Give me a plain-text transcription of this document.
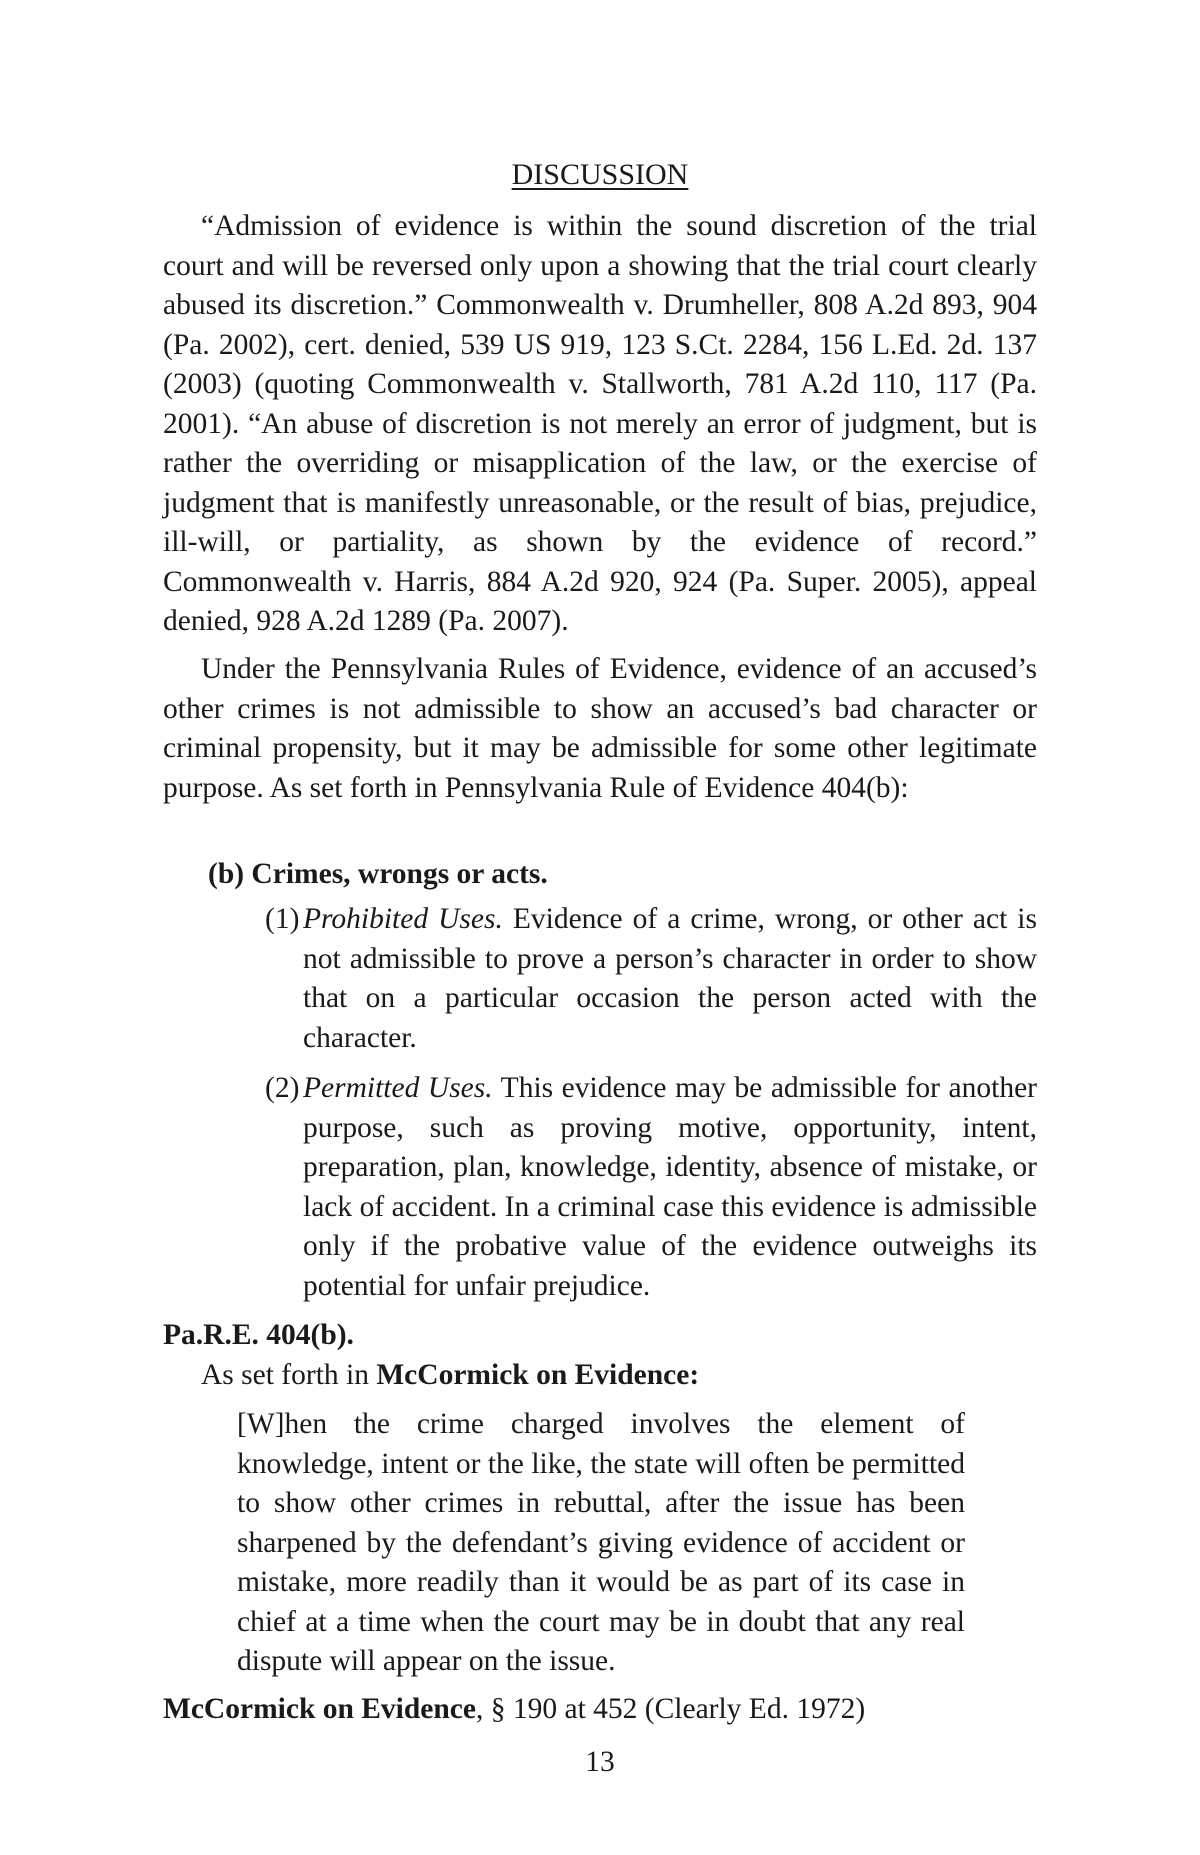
DISCUSSION

“Admission of evidence is within the sound discretion of the trial court and will be reversed only upon a showing that the trial court clearly abused its discretion.” Commonwealth v. Drumheller, 808 A.2d 893, 904 (Pa. 2002), cert. denied, 539 US 919, 123 S.Ct. 2284, 156 L.Ed. 2d. 137 (2003) (quoting Commonwealth v. Stallworth, 781 A.2d 110, 117 (Pa. 2001). “An abuse of discretion is not merely an error of judgment, but is rather the overriding or misapplication of the law, or the exercise of judgment that is manifestly unreasonable, or the result of bias, prejudice, ill-will, or partiality, as shown by the evidence of record.” Commonwealth v. Harris, 884 A.2d 920, 924 (Pa. Super. 2005), appeal denied, 928 A.2d 1289 (Pa. 2007).

Under the Pennsylvania Rules of Evidence, evidence of an accused’s other crimes is not admissible to show an accused’s bad character or criminal propensity, but it may be admissible for some other legitimate purpose. As set forth in Pennsylvania Rule of Evidence 404(b):

(b) Crimes, wrongs or acts.
(1) Prohibited Uses. Evidence of a crime, wrong, or other act is not admissible to prove a person’s character in order to show that on a particular occasion the person acted with the character.

(2) Permitted Uses. This evidence may be admissible for another purpose, such as proving motive, opportunity, intent, preparation, plan, knowledge, identity, absence of mistake, or lack of accident. In a criminal case this evidence is admissible only if the probative value of the evidence outweighs its potential for unfair prejudice.

Pa.R.E. 404(b).
As set forth in McCormick on Evidence:

[W]hen the crime charged involves the element of knowledge, intent or the like, the state will often be permitted to show other crimes in rebuttal, after the issue has been sharpened by the defendant’s giving evidence of accident or mistake, more readily than it would be as part of its case in chief at a time when the court may be in doubt that any real dispute will appear on the issue.

McCormick on Evidence, § 190 at 452 (Clearly Ed. 1972)
13
